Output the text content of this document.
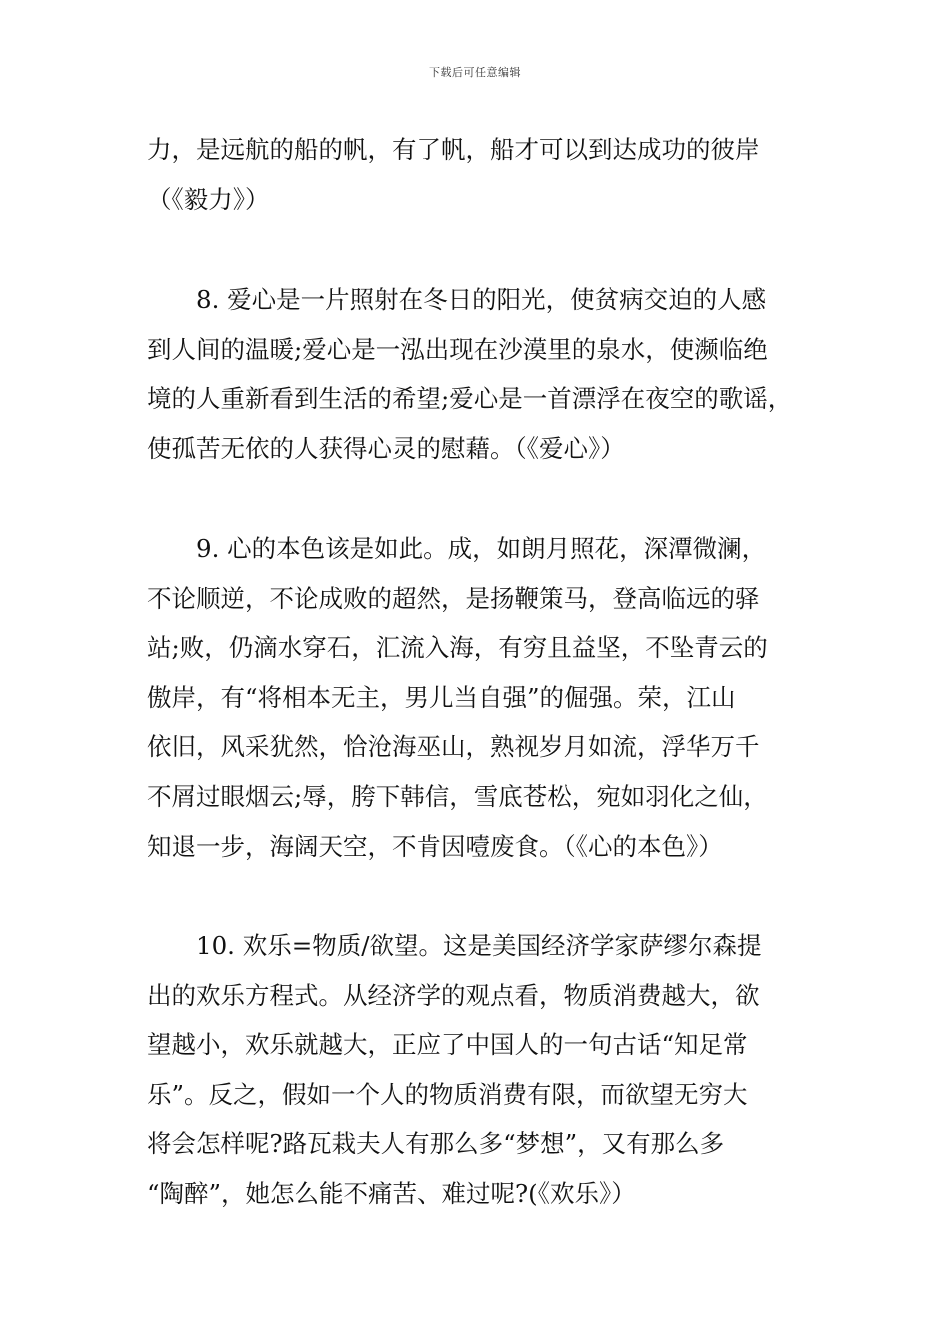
下载后可任意编辑
力，是远航的船的帆，有了帆，船才可以到达成功的彼岸
（《毅力》）
8. 爱心是一片照射在冬日的阳光，使贫病交迫的人感
到人间的温暖;爱心是一泓出现在沙漠里的泉水，使濒临绝
境的人重新看到生活的希望;爱心是一首漂浮在夜空的歌谣，
使孤苦无依的人获得心灵的慰藉。（《爱心》）
9. 心的本色该是如此。成，如朗月照花，深潭微澜，
不论顺逆，不论成败的超然，是扬鞭策马，登高临远的驿
站;败，仍滴水穿石，汇流入海，有穷且益坚，不坠青云的
傲岸，有“将相本无主，男儿当自强”的倔强。荣，江山
依旧，风采犹然，恰沧海巫山，熟视岁月如流，浮华万千
不屑过眼烟云;辱，胯下韩信，雪底苍松，宛如羽化之仙，
知退一步，海阔天空，不肯因噎废食。（《心的本色》）
10. 欢乐=物质/欲望。这是美国经济学家萨缪尔森提
出的欢乐方程式。从经济学的观点看，物质消费越大，欲
望越小，欢乐就越大，正应了中国人的一句古话“知足常
乐”。反之，假如一个人的物质消费有限，而欲望无穷大
将会怎样呢?路瓦栽夫人有那么多“梦想”，又有那么多
“陶醉”，她怎么能不痛苦、难过呢?(《欢乐》）
